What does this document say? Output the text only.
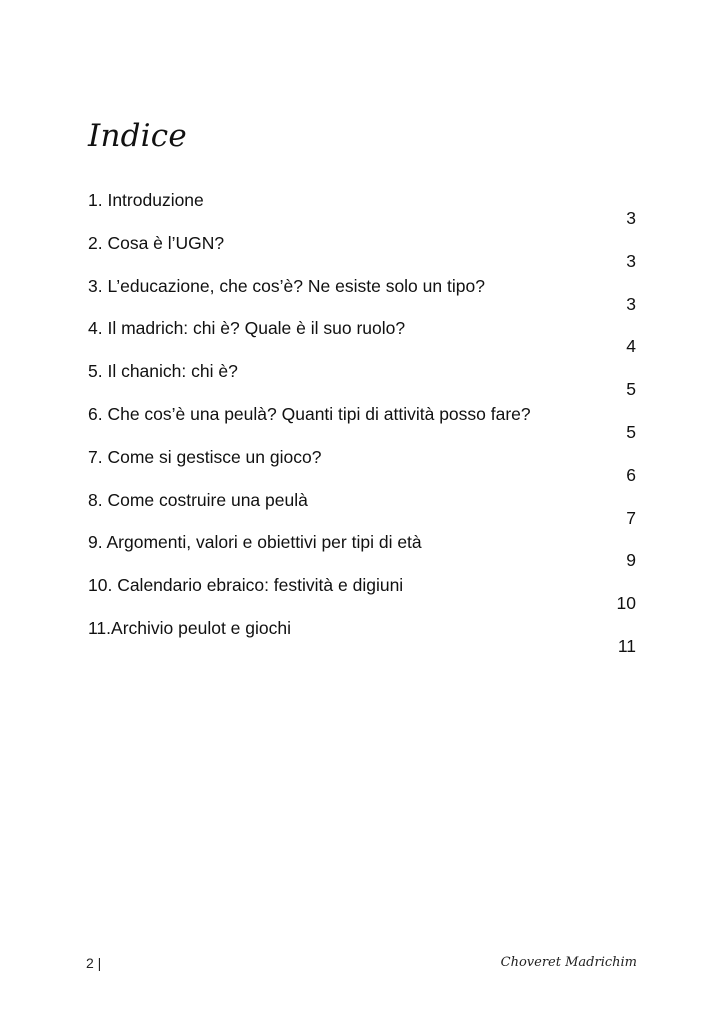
Indice
1. Introduzione
3
2. Cosa è l’UGN?
3
3. L’educazione, che cos’è? Ne esiste solo un tipo?
3
4. Il madrich: chi è? Quale è il suo ruolo?
4
5. Il chanich: chi è?
5
6. Che cos’è una peulà? Quanti tipi di attività posso fare?
5
7. Come si gestisce un gioco?
6
8. Come costruire una peulà
7
9. Argomenti, valori e obiettivi per tipi di età
9
10. Calendario ebraico: festività e digiuni
10
11.Archivio peulot e giochi
11
2 |	Choveret Madrichim
